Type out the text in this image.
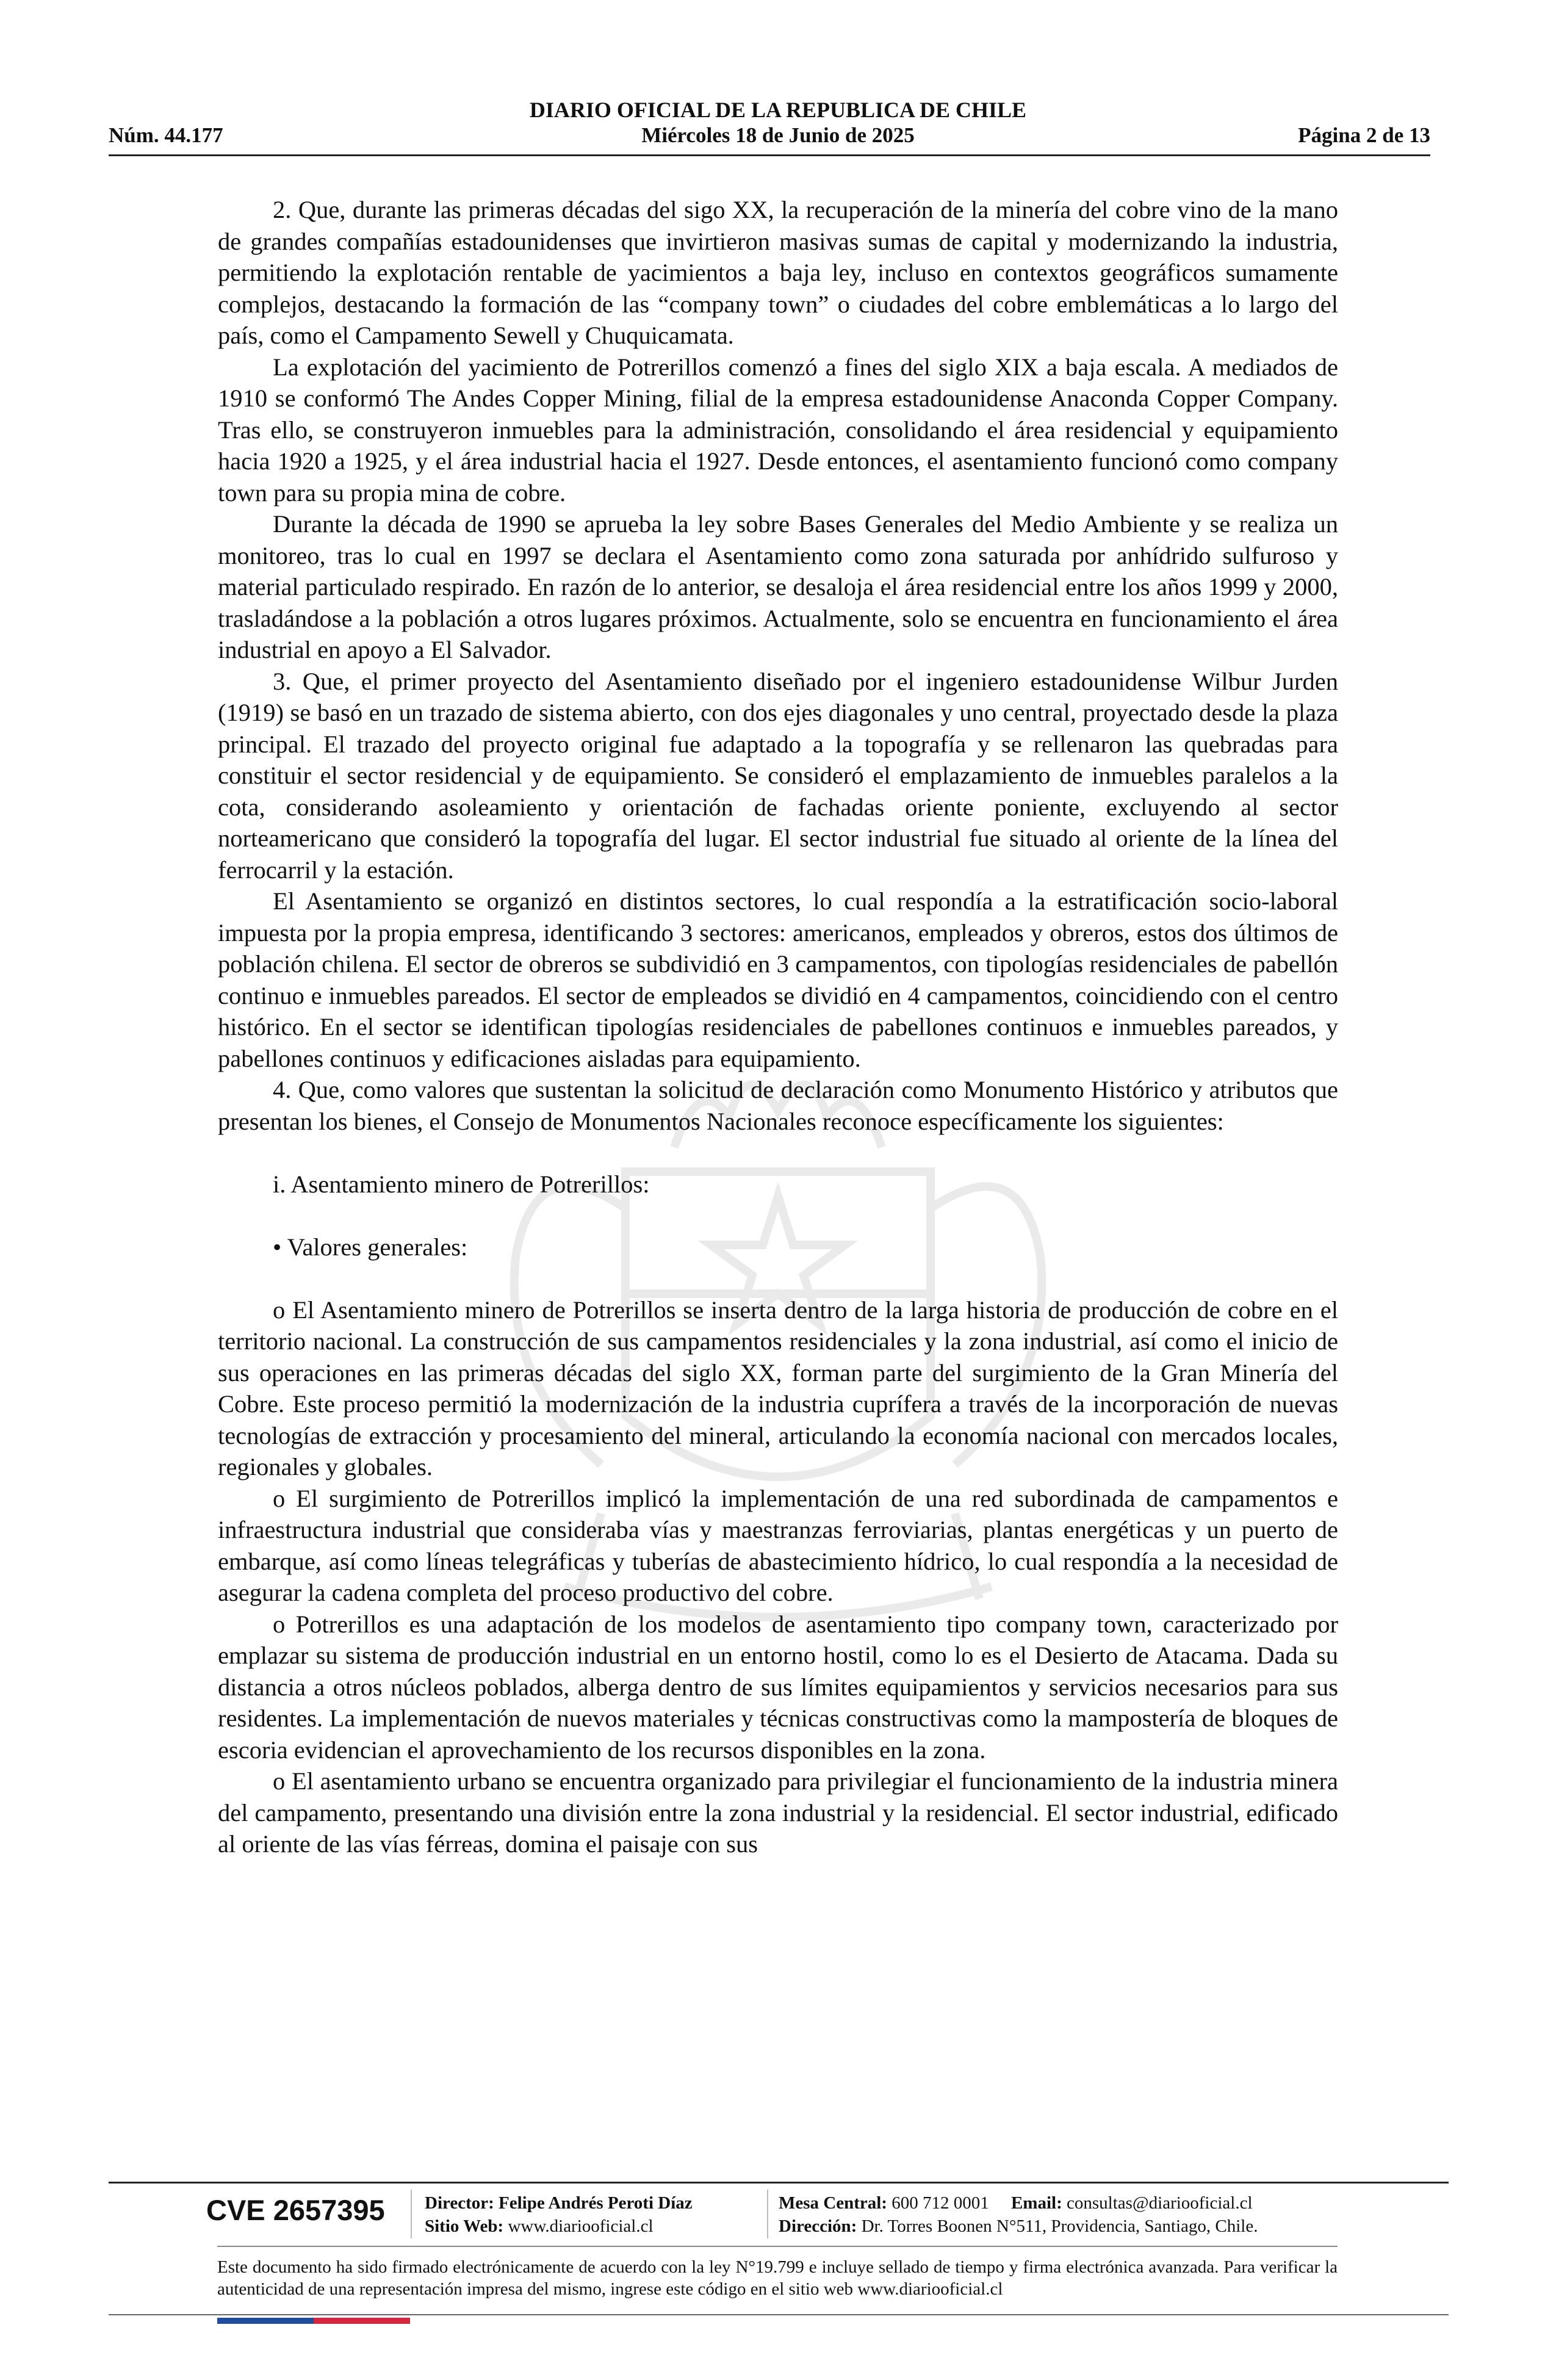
DIARIO OFICIAL DE LA REPUBLICA DE CHILE
Núm. 44.177	Miércoles 18 de Junio de 2025	Página 2 de 13

2. Que, durante las primeras décadas del sigo XX, la recuperación de la minería del cobre vino de la mano de grandes compañías estadounidenses que invirtieron masivas sumas de capital y modernizando la industria, permitiendo la explotación rentable de yacimientos a baja ley, incluso en contextos geográficos sumamente complejos, destacando la formación de las “company town” o ciudades del cobre emblemáticas a lo largo del país, como el Campamento Sewell y Chuquicamata.

La explotación del yacimiento de Potrerillos comenzó a fines del siglo XIX a baja escala. A mediados de 1910 se conformó The Andes Copper Mining, filial de la empresa estadounidense Anaconda Copper Company. Tras ello, se construyeron inmuebles para la administración, consolidando el área residencial y equipamiento hacia 1920 a 1925, y el área industrial hacia el 1927. Desde entonces, el asentamiento funcionó como company town para su propia mina de cobre.

Durante la década de 1990 se aprueba la ley sobre Bases Generales del Medio Ambiente y se realiza un monitoreo, tras lo cual en 1997 se declara el Asentamiento como zona saturada por anhídrido sulfuroso y material particulado respirado. En razón de lo anterior, se desaloja el área residencial entre los años 1999 y 2000, trasladándose a la población a otros lugares próximos. Actualmente, solo se encuentra en funcionamiento el área industrial en apoyo a El Salvador.

3. Que, el primer proyecto del Asentamiento diseñado por el ingeniero estadounidense Wilbur Jurden (1919) se basó en un trazado de sistema abierto, con dos ejes diagonales y uno central, proyectado desde la plaza principal. El trazado del proyecto original fue adaptado a la topografía y se rellenaron las quebradas para constituir el sector residencial y de equipamiento. Se consideró el emplazamiento de inmuebles paralelos a la cota, considerando asoleamiento y orientación de fachadas oriente poniente, excluyendo al sector norteamericano que consideró la topografía del lugar. El sector industrial fue situado al oriente de la línea del ferrocarril y la estación.

El Asentamiento se organizó en distintos sectores, lo cual respondía a la estratificación socio-laboral impuesta por la propia empresa, identificando 3 sectores: americanos, empleados y obreros, estos dos últimos de población chilena. El sector de obreros se subdividió en 3 campamentos, con tipologías residenciales de pabellón continuo e inmuebles pareados. El sector de empleados se dividió en 4 campamentos, coincidiendo con el centro histórico. En el sector se identifican tipologías residenciales de pabellones continuos e inmuebles pareados, y pabellones continuos y edificaciones aisladas para equipamiento.

4. Que, como valores que sustentan la solicitud de declaración como Monumento Histórico y atributos que presentan los bienes, el Consejo de Monumentos Nacionales reconoce específicamente los siguientes:

i. Asentamiento minero de Potrerillos:

• Valores generales:

o El Asentamiento minero de Potrerillos se inserta dentro de la larga historia de producción de cobre en el territorio nacional. La construcción de sus campamentos residenciales y la zona industrial, así como el inicio de sus operaciones en las primeras décadas del siglo XX, forman parte del surgimiento de la Gran Minería del Cobre. Este proceso permitió la modernización de la industria cuprífera a través de la incorporación de nuevas tecnologías de extracción y procesamiento del mineral, articulando la economía nacional con mercados locales, regionales y globales.

o El surgimiento de Potrerillos implicó la implementación de una red subordinada de campamentos e infraestructura industrial que consideraba vías y maestranzas ferroviarias, plantas energéticas y un puerto de embarque, así como líneas telegráficas y tuberías de abastecimiento hídrico, lo cual respondía a la necesidad de asegurar la cadena completa del proceso productivo del cobre.

o Potrerillos es una adaptación de los modelos de asentamiento tipo company town, caracterizado por emplazar su sistema de producción industrial en un entorno hostil, como lo es el Desierto de Atacama. Dada su distancia a otros núcleos poblados, alberga dentro de sus límites equipamientos y servicios necesarios para sus residentes. La implementación de nuevos materiales y técnicas constructivas como la mampostería de bloques de escoria evidencian el aprovechamiento de los recursos disponibles en la zona.

o El asentamiento urbano se encuentra organizado para privilegiar el funcionamiento de la industria minera del campamento, presentando una división entre la zona industrial y la residencial. El sector industrial, edificado al oriente de las vías férreas, domina el paisaje con sus

CVE 2657395 Director: Felipe Andrés Peroti Díaz
Sitio Web: www.diariooficial.cl
Mesa Central: 600 712 0001 Email: consultas@diariooficial.cl
Dirección: Dr. Torres Boonen N°511, Providencia, Santiago, Chile.
Este documento ha sido firmado electrónicamente de acuerdo con la ley N°19.799 e incluye sellado de tiempo y firma electrónica avanzada. Para verificar la autenticidad de una representación impresa del mismo, ingrese este código en el sitio web www.diariooficial.cl
